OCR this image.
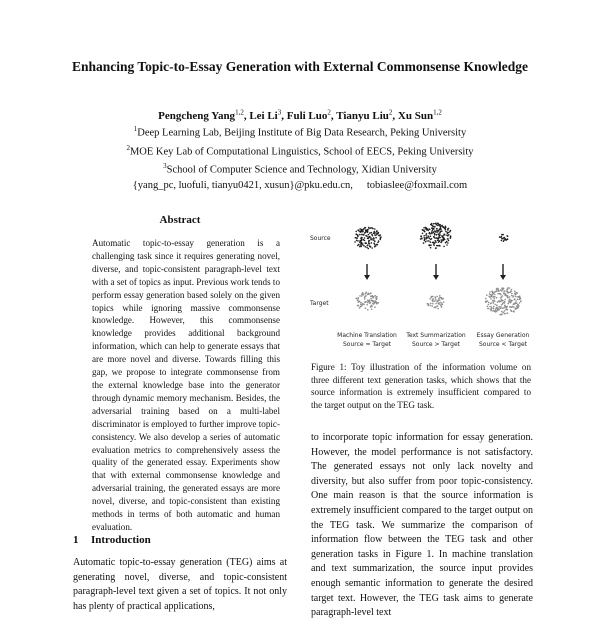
Enhancing Topic-to-Essay Generation with External Commonsense Knowledge
Pengcheng Yang$^{1,2}$, Lei Li$^3$, Fuli Luo$^2$, Tianyu Liu$^2$, Xu Sun$^{1,2}$
$^1$Deep Learning Lab, Beijing Institute of Big Data Research, Peking University
$^2$MOE Key Lab of Computational Linguistics, School of EECS, Peking University
$^3$School of Computer Science and Technology, Xidian University
{yang_pc, luofuli, tianyu0421, xusun}@pku.edu.cn, tobiaslee@foxmail.com
Abstract
Automatic topic-to-essay generation is a challenging task since it requires generating novel, diverse, and topic-consistent paragraph-level text with a set of topics as input. Previous work tends to perform essay generation based solely on the given topics while ignoring massive commonsense knowledge. However, this commonsense knowledge provides additional background information, which can help to generate essays that are more novel and diverse. Towards filling this gap, we propose to integrate commonsense from the external knowledge base into the generator through dynamic memory mechanism. Besides, the adversarial training based on a multi-label discriminator is employed to further improve topic-consistency. We also develop a series of automatic evaluation metrics to comprehensively assess the quality of the generated essay. Experiments show that with external commonsense knowledge and adversarial training, the generated essays are more novel, diverse, and topic-consistent than existing methods in terms of both automatic and human evaluation.
1 Introduction
Automatic topic-to-essay generation (TEG) aims at generating novel, diverse, and topic-consistent paragraph-level text given a set of topics. It not only has plenty of practical applications,
Source
Target
Machine Translation
Source ≈ Target
Text Summarization
Source > Target
Essay Generation
Source < Target
Figure 1: Toy illustration of the information volume on three different text generation tasks, which shows that the source information is extremely insufficient compared to the target output on the TEG task.
to incorporate topic information for essay generation. However, the model performance is not satisfactory. The generated essays not only lack novelty and diversity, but also suffer from poor topic-consistency. One main reason is that the source information is extremely insufficient compared to the target output on the TEG task. We summarize the comparison of information flow between the TEG task and other generation tasks in Figure 1. In machine translation and text summarization, the source input provides enough semantic information to generate the desired target text. However, the TEG task aims to generate paragraph-level text
